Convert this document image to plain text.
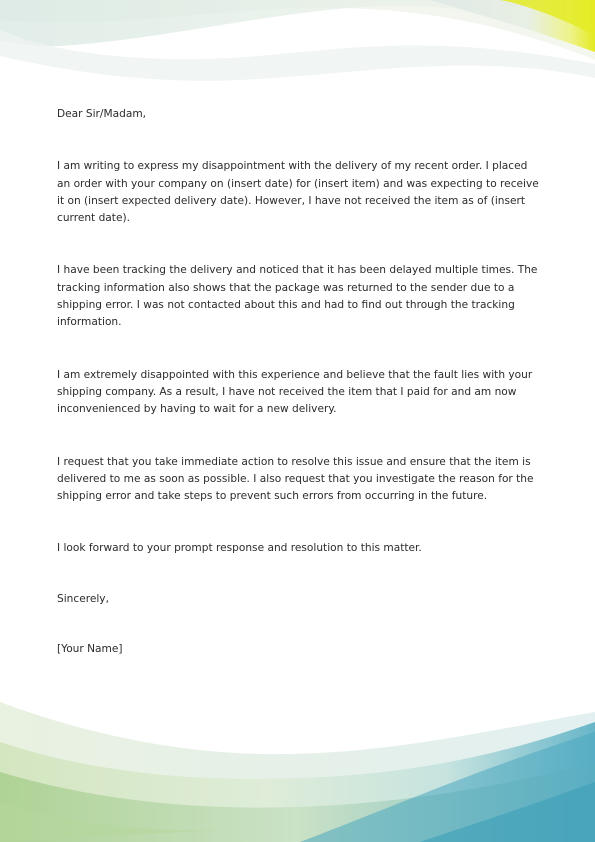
Dear Sir/Madam,

I am writing to express my disappointment with the delivery of my recent order. I placed an order with your company on (insert date) for (insert item) and was expecting to receive it on (insert expected delivery date). However, I have not received the item as of (insert current date).

I have been tracking the delivery and noticed that it has been delayed multiple times. The tracking information also shows that the package was returned to the sender due to a shipping error. I was not contacted about this and had to find out through the tracking information.

I am extremely disappointed with this experience and believe that the fault lies with your shipping company. As a result, I have not received the item that I paid for and am now inconvenienced by having to wait for a new delivery.

I request that you take immediate action to resolve this issue and ensure that the item is delivered to me as soon as possible. I also request that you investigate the reason for the shipping error and take steps to prevent such errors from occurring in the future.

I look forward to your prompt response and resolution to this matter.

Sincerely,

[Your Name]
